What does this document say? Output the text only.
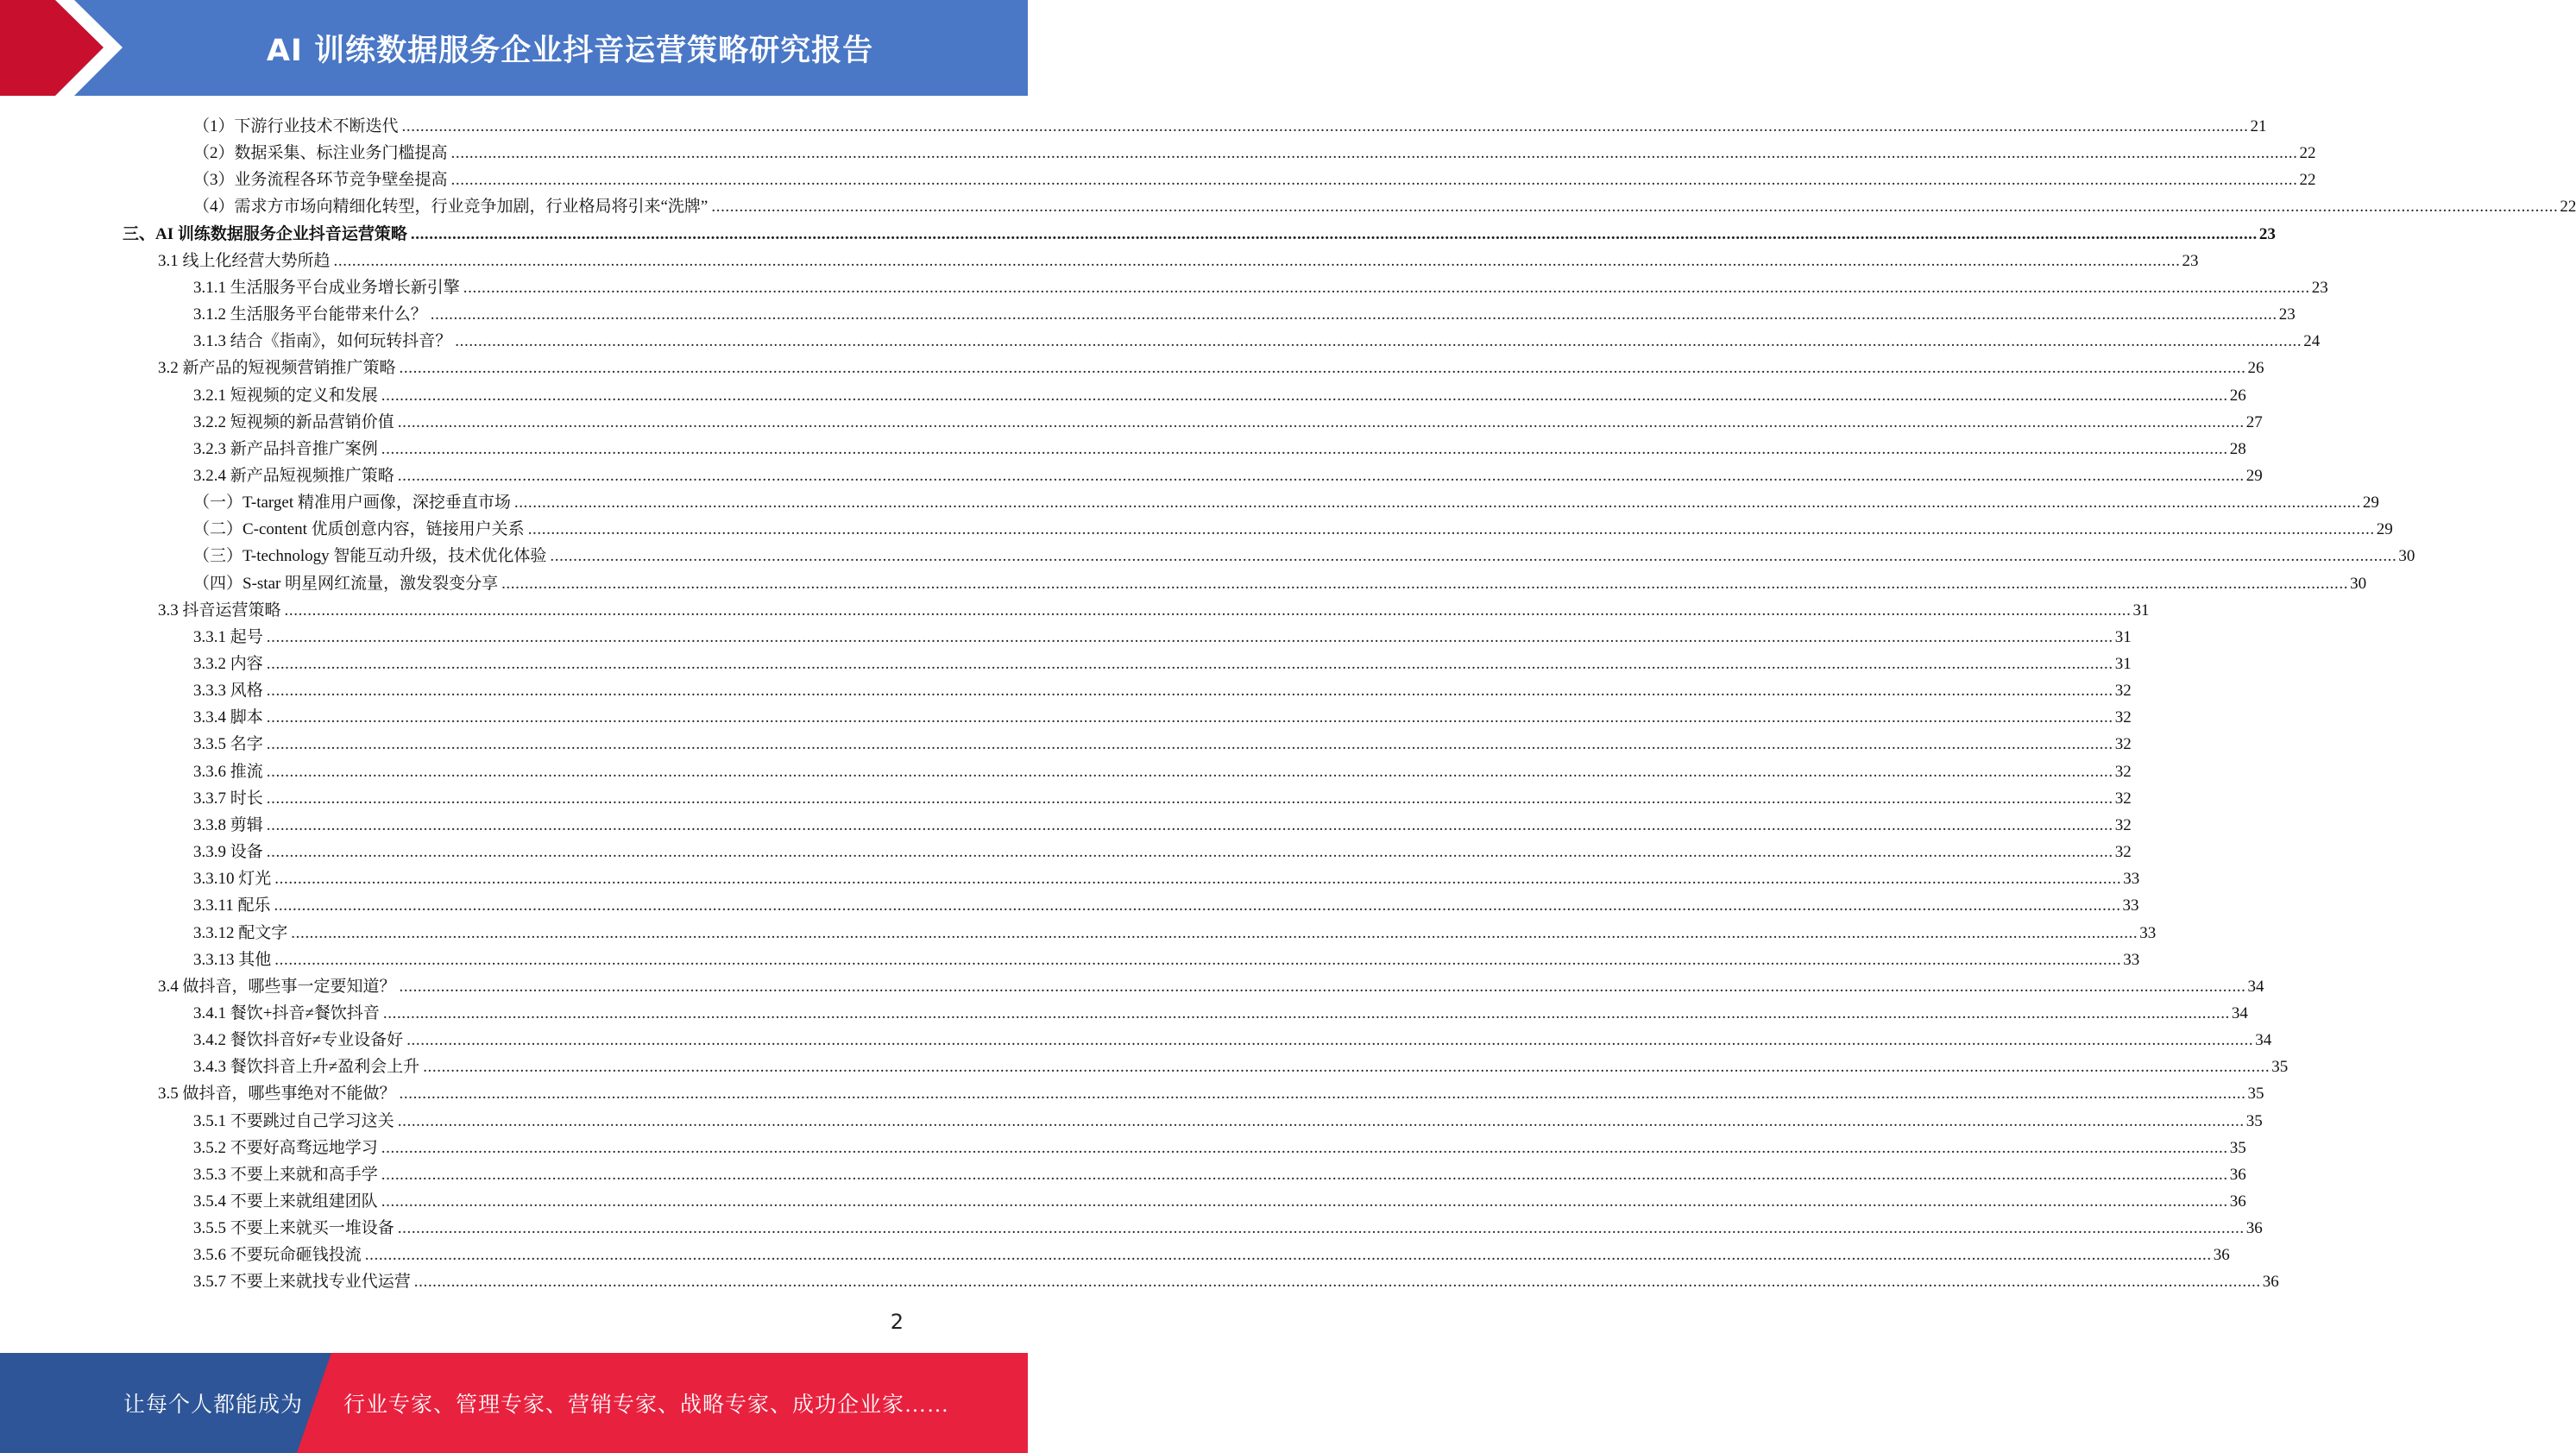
AI 训练数据服务企业抖音运营策略研究报告
（1）下游行业技术不断迭代 ................................................................................................................................................................................................................................................................................................................................................................................................................ 21
（2）数据采集、标注业务门槛提高 ................................................................................................................................................................................................................................................................................................................................................................................................................ 22
（3）业务流程各环节竞争壁垒提高 ................................................................................................................................................................................................................................................................................................................................................................................................................ 22
（4）需求方市场向精细化转型，行业竞争加剧，行业格局将引来“洗牌” ................................................................................................................................................................................................................................................................................................................................................................................................................ 22
三、AI 训练数据服务企业抖音运营策略 ................................................................................................................................................................................................................................................................................................................................................................................................................ 23
3.1 线上化经营大势所趋 ................................................................................................................................................................................................................................................................................................................................................................................................................ 23
3.1.1 生活服务平台成业务增长新引擎 ................................................................................................................................................................................................................................................................................................................................................................................................................ 23
3.1.2 生活服务平台能带来什么？ ................................................................................................................................................................................................................................................................................................................................................................................................................ 23
3.1.3 结合《指南》，如何玩转抖音？ ................................................................................................................................................................................................................................................................................................................................................................................................................ 24
3.2 新产品的短视频营销推广策略 ................................................................................................................................................................................................................................................................................................................................................................................................................ 26
3.2.1 短视频的定义和发展 ................................................................................................................................................................................................................................................................................................................................................................................................................ 26
3.2.2 短视频的新品营销价值 ................................................................................................................................................................................................................................................................................................................................................................................................................ 27
3.2.3 新产品抖音推广案例 ................................................................................................................................................................................................................................................................................................................................................................................................................ 28
3.2.4 新产品短视频推广策略 ................................................................................................................................................................................................................................................................................................................................................................................................................ 29
（一）T-target 精准用户画像，深挖垂直市场 ................................................................................................................................................................................................................................................................................................................................................................................................................ 29
（二）C-content 优质创意内容，链接用户关系 ................................................................................................................................................................................................................................................................................................................................................................................................................ 29
（三）T-technology 智能互动升级，技术优化体验 ................................................................................................................................................................................................................................................................................................................................................................................................................ 30
（四）S-star 明星网红流量，激发裂变分享 ................................................................................................................................................................................................................................................................................................................................................................................................................ 30
3.3 抖音运营策略 ................................................................................................................................................................................................................................................................................................................................................................................................................ 31
3.3.1 起号 ................................................................................................................................................................................................................................................................................................................................................................................................................ 31
3.3.2 内容 ................................................................................................................................................................................................................................................................................................................................................................................................................ 31
3.3.3 风格 ................................................................................................................................................................................................................................................................................................................................................................................................................ 32
3.3.4 脚本 ................................................................................................................................................................................................................................................................................................................................................................................................................ 32
3.3.5 名字 ................................................................................................................................................................................................................................................................................................................................................................................................................ 32
3.3.6 推流 ................................................................................................................................................................................................................................................................................................................................................................................................................ 32
3.3.7 时长 ................................................................................................................................................................................................................................................................................................................................................................................................................ 32
3.3.8 剪辑 ................................................................................................................................................................................................................................................................................................................................................................................................................ 32
3.3.9 设备 ................................................................................................................................................................................................................................................................................................................................................................................................................ 32
3.3.10 灯光 ................................................................................................................................................................................................................................................................................................................................................................................................................ 33
3.3.11 配乐 ................................................................................................................................................................................................................................................................................................................................................................................................................ 33
3.3.12 配文字 ................................................................................................................................................................................................................................................................................................................................................................................................................ 33
3.3.13 其他 ................................................................................................................................................................................................................................................................................................................................................................................................................ 33
3.4 做抖音，哪些事一定要知道？ ................................................................................................................................................................................................................................................................................................................................................................................................................ 34
3.4.1 餐饮+抖音≠餐饮抖音 ................................................................................................................................................................................................................................................................................................................................................................................................................ 34
3.4.2 餐饮抖音好≠专业设备好 ................................................................................................................................................................................................................................................................................................................................................................................................................ 34
3.4.3 餐饮抖音上升≠盈利会上升 ................................................................................................................................................................................................................................................................................................................................................................................................................ 35
3.5 做抖音，哪些事绝对不能做？ ................................................................................................................................................................................................................................................................................................................................................................................................................ 35
3.5.1 不要跳过自己学习这关 ................................................................................................................................................................................................................................................................................................................................................................................................................ 35
3.5.2 不要好高骛远地学习 ................................................................................................................................................................................................................................................................................................................................................................................................................ 35
3.5.3 不要上来就和高手学 ................................................................................................................................................................................................................................................................................................................................................................................................................ 36
3.5.4 不要上来就组建团队 ................................................................................................................................................................................................................................................................................................................................................................................................................ 36
3.5.5 不要上来就买一堆设备 ................................................................................................................................................................................................................................................................................................................................................................................................................ 36
3.5.6 不要玩命砸钱投流 ................................................................................................................................................................................................................................................................................................................................................................................................................ 36
3.5.7 不要上来就找专业代运营 ................................................................................................................................................................................................................................................................................................................................................................................................................ 36
2
让每个人都能成为 行业专家、管理专家、营销专家、战略专家、成功企业家……
